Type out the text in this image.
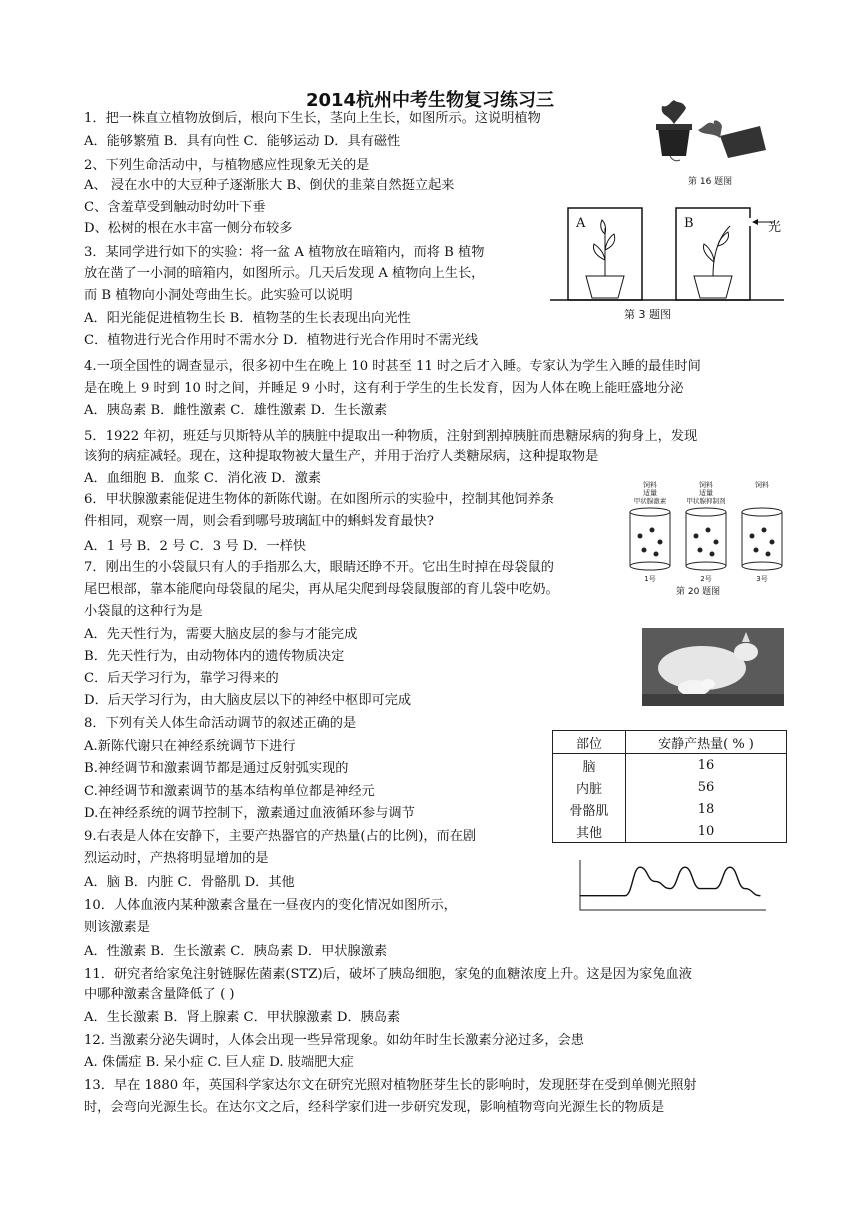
2014杭州中考生物复习练习三
1．把一株直立植物放倒后，根向下生长，茎向上生长，如图所示。这说明植物
A．能够繁殖 B．具有向性 C．能够运动 D．具有磁性
2、下列生命活动中，与植物感应性现象无关的是
A、 浸在水中的大豆种子逐渐胀大 B、倒伏的韭菜自然挺立起来
C、含羞草受到触动时幼叶下垂
D、松树的根在水丰富一侧分布较多
3．某同学进行如下的实验：将一盆 A 植物放在暗箱内，而将 B 植物
放在凿了一小洞的暗箱内，如图所示。几天后发现 A 植物向上生长，
而 B 植物向小洞处弯曲生长。此实验可以说明
A．阳光能促进植物生长 B．植物茎的生长表现出向光性
C．植物进行光合作用时不需水分 D．植物进行光合作用时不需光线
4.一项全国性的调查显示，很多初中生在晚上 10 时甚至 11 时之后才入睡。专家认为学生入睡的最佳时间
是在晚上 9 时到 10 时之间，并睡足 9 小时，这有利于学生的生长发育，因为人体在晚上能旺盛地分泌
A．胰岛素 B．雌性激素 C．雄性激素 D．生长激素
5．1922 年初，班廷与贝斯特从羊的胰脏中提取出一种物质，注射到割掉胰脏而患糖尿病的狗身上，发现
该狗的病症减轻。现在，这种提取物被大量生产，并用于治疗人类糖尿病，这种提取物是
A．血细胞 B．血浆 C．消化液 D．激素
6．甲状腺激素能促进生物体的新陈代谢。在如图所示的实验中，控制其他饲养条
件相同，观察一周，则会看到哪号玻璃缸中的蝌蚪发育最快?
A．1 号 B．2 号 C．3 号 D．一样快
7．刚出生的小袋鼠只有人的手指那么大，眼睛还睁不开。它出生时掉在母袋鼠的
尾巴根部，靠本能爬向母袋鼠的尾尖，再从尾尖爬到母袋鼠腹部的育儿袋中吃奶。
小袋鼠的这种行为是
A．先天性行为，需要大脑皮层的参与才能完成
B．先天性行为，由动物体内的遗传物质决定
C．后天学习行为，靠学习得来的
D．后天学习行为，由大脑皮层以下的神经中枢即可完成
8．下列有关人体生命活动调节的叙述正确的是
A.新陈代谢只在神经系统调节下进行
B.神经调节和激素调节都是通过反射弧实现的
C.神经调节和激素调节的基本结构单位都是神经元
D.在神经系统的调节控制下，激素通过血液循环参与调节
9.右表是人体在安静下，主要产热器官的产热量(占的比例)，而在剧
烈运动时，产热将明显增加的是
A．脑 B．内脏 C．骨骼肌 D．其他
10．人体血液内某种激素含量在一昼夜内的变化情况如图所示，
则该激素是
A．性激素 B．生长激素 C．胰岛素 D．甲状腺激素
11．研究者给家兔注射链脲佐菌素(STZ)后，破坏了胰岛细胞，家兔的血糖浓度上升。这是因为家兔血液
中哪种激素含量降低了 ( )
A．生长激素 B．肾上腺素 C．甲状腺激素 D．胰岛素
12. 当激素分泌失调时，人体会出现一些异常现象。如幼年时生长激素分泌过多，会患
A. 侏儒症 B. 呆小症 C. 巨人症 D. 肢端肥大症
13．早在 1880 年，英国科学家达尔文在研究光照对植物胚芽生长的影响时，发现胚芽在受到单侧光照射
时，会弯向光源生长。在达尔文之后，经科学家们进一步研究发现，影响植物弯向光源生长的物质是
第 16 题图
A	B	光
第 3 题图
饲料
适量
甲状腺激素
1号
饲料
适量
甲状腺抑制剂
2号
饲料
3号
第 20 题图
部位	安静产热量( % )
脑	16
内脏	56
骨骼肌	18
其他	10
